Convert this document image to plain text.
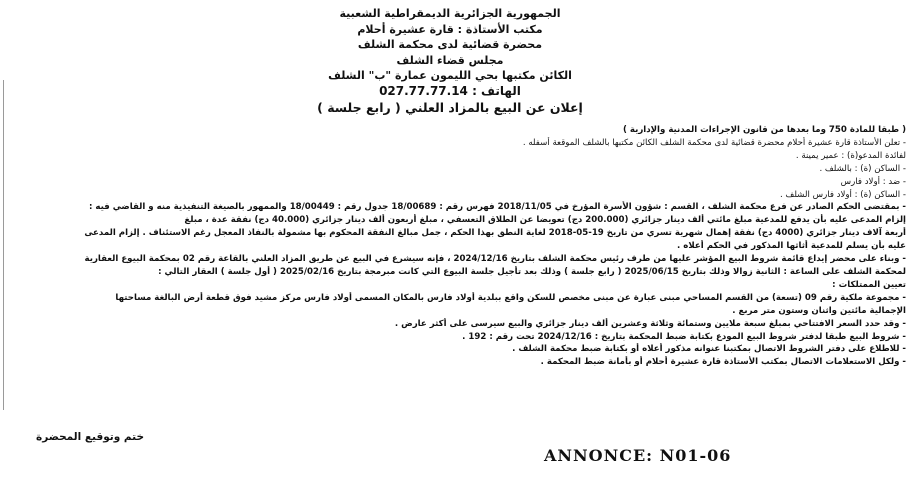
الجمهورية الجزائرية الديمقراطية الشعبية
مكتب الأستاذة : قارة عشيرة أحلام
محضرة قضائية لدى محكمة الشلف
مجلس قضاء الشلف
الكائن مكتبها بحي الليمون عمارة "ب" الشلف
الهاتف : 027.77.77.14
إعلان عن البيع بالمزاد العلني ( رابع جلسة )
( طبقا للمادة 750 وما بعدها من قانون الإجراءات المدنية والإدارية )
- تعلن الأستاذة قارة عشيرة أحلام محضرة قضائية لدى محكمة الشلف الكائن مكتبها بالشلف الموقعة أسفله .
لفائدة المدعو(ة) : عمير يمينة .
- الساكن (ة) : بالشلف .
- ضد : أولاد فارس
- الساكن (ة) : أولاد فارس الشلف .
- بمقتضى الحكم الصادر عن فرع محكمة الشلف ، القسم : شؤون الأسرة المؤرخ في 2018/11/05 فهرس رقم : 18/00689 جدول رقم : 18/00449 والممهور بالصيغة التنفيذية منه و القاضي فيه :
إلزام المدعى عليه بأن يدفع للمدعية مبلغ مائتي ألف دينار جزائري (200.000 دج) تعويضا عن الطلاق التعسفي ، مبلغ أربعون ألف دينار جزائري (40.000 دج) نفقة عدة ، مبلغ
أربعة آلاف دينار جزائري (4000 دج) نفقة إهمال شهرية تسري من تاريخ 19-05-2018 لغاية النطق بهذا الحكم ، جمل مبالغ النفقة المحكوم بها مشمولة بالنفاذ المعجل رغم الاستئناف . إلزام المدعى
عليه بأن يسلم للمدعية أثاثها المذكور في الحكم أعلاه .
- وبناء على محضر إيداع قائمة شروط البيع المؤشر عليها من طرف رئيس محكمة الشلف بتاريخ 2024/12/16 ، فإنه سيشرع في البيع عن طريق المزاد العلني بالقاعة رقم 02 بمحكمة البيوع العقارية
لمحكمة الشلف على الساعة : الثانية زوالا وذلك بتاريخ 2025/06/15 ( رابع جلسة ) وذلك بعد تأجيل جلسة البيوع التي كانت مبرمجة بتاريخ 2025/02/16 ( أول جلسة ) العقار التالي :
تعيين الممتلكات :
- مجموعة ملكية رقم 09 (تسعة) من القسم المساحي مبنى عبارة عن مبنى مخصص للسكن واقع ببلدية أولاد فارس بالمكان المسمى أولاد فارس مركز مشيد فوق قطعة أرض البالغة مساحتها
الإجمالية مائتين واثنان وستون متر مربع .
- وقد حدد السعر الافتتاحي بمبلغ سبعة ملايين وستمائة وثلاثة وعشرين ألف دينار جزائري والبيع سيرسى على أكثر عارض .
- شروط البيع طبقا لدفتر شروط البيع المودع بكتابة ضبط المحكمة بتاريخ : 2024/12/16 تحت رقم : 192 .
- للاطلاع على دفتر الشروط الاتصال بمكتبنا عنوانه مذكور أعلاه أو بكتابة ضبط محكمة الشلف .
- ولكل الاستعلامات الاتصال بمكتب الأستاذة قارة عشيرة أحلام أو بأمانة ضبط المحكمة .
ختم وتوقيع المحضرة
ANNONCE: N01-06
